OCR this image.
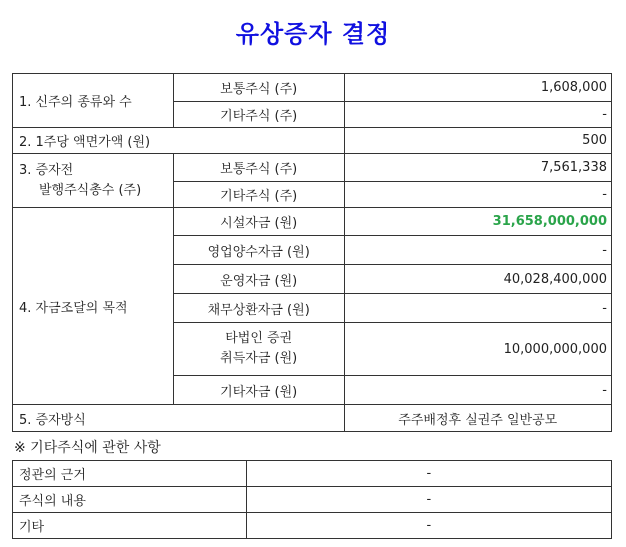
유상증자 결정
1. 신주의 종류와 수	보통주식 (주)	1,608,000
	기타주식 (주)	-
2. 1주당 액면가액 (원)		500

3. 증자전
발행주식총수 (주)	보통주식 (주)	7,561,338
	기타주식 (주)	-
4. 자금조달의 목적	시설자금 (원)	31,658,000,000
	영업양수자금 (원)	-
	운영자금 (원)	40,028,400,000
	채무상환자금 (원)	-

	타법인 증권
취득자금 (원)	10,000,000,000
	기타자금 (원)	-
5. 증자방식		주주배정후 실권주 일반공모
※ 기타주식에 관한 사항
정관의 근거	-
주식의 내용	-
기타	-
